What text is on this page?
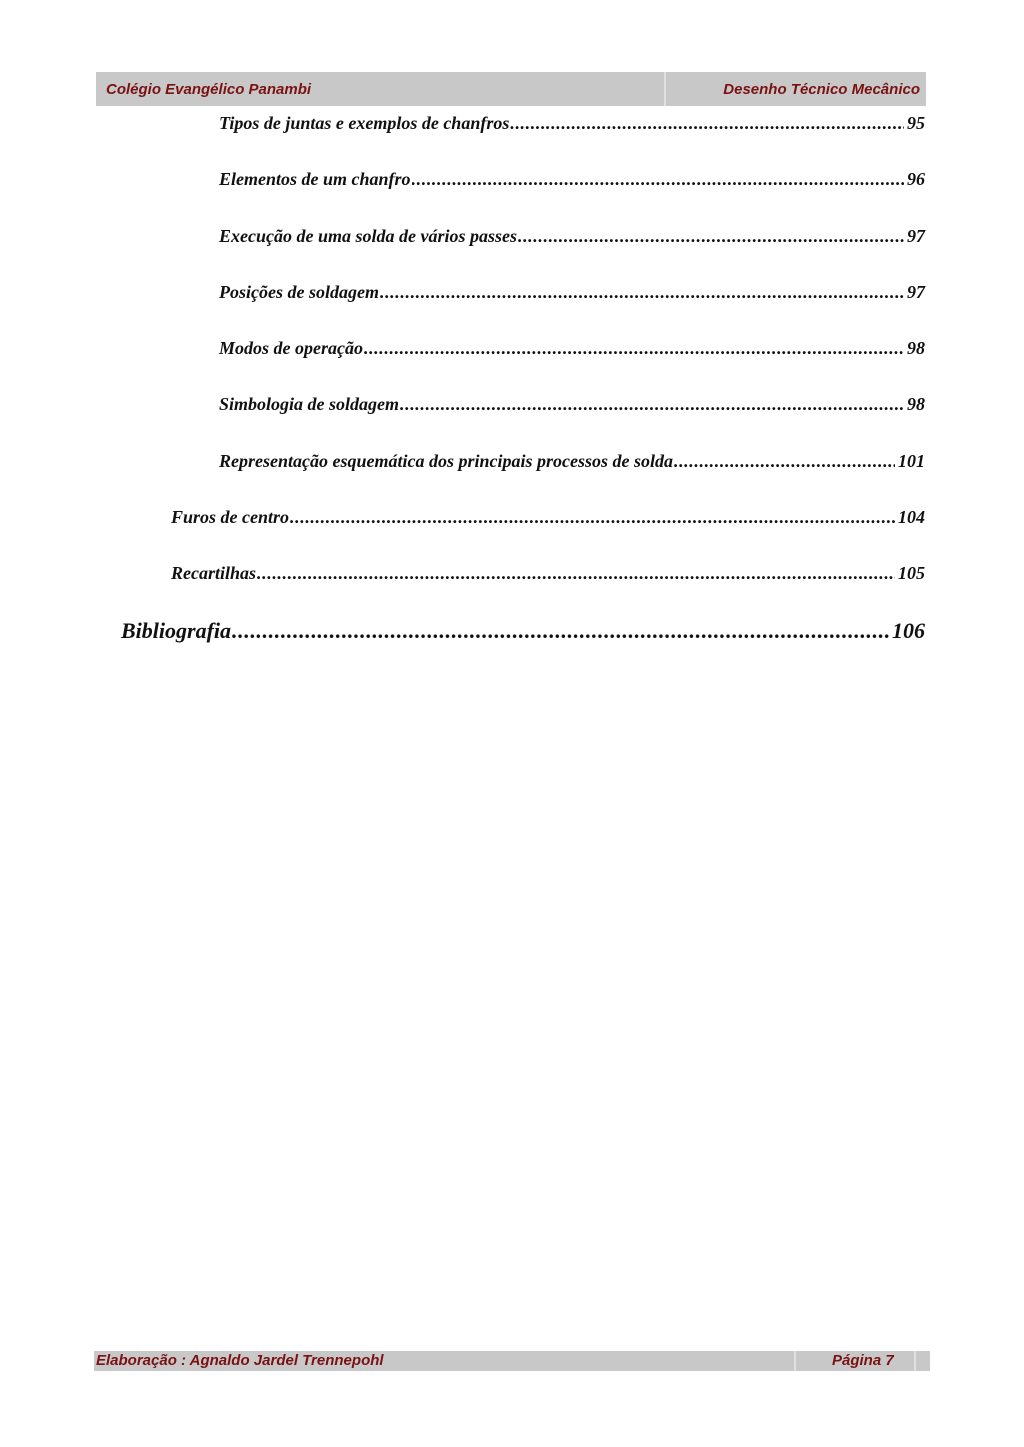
Colégio Evangélico Panambi	Desenho Técnico Mecânico
Tipos de juntas e exemplos de chanfros .....	95
Elementos de um chanfro .....	96
Execução de uma solda de vários passes .....	97
Posições de soldagem .....	97
Modos de operação .....	98
Simbologia de soldagem .....	98
Representação esquemática dos principais processos de solda .....	101
Furos de centro .....	104
Recartilhas .....	105
Bibliografia .....	106
Elaboração : Agnaldo Jardel Trennepohl	Página 7
